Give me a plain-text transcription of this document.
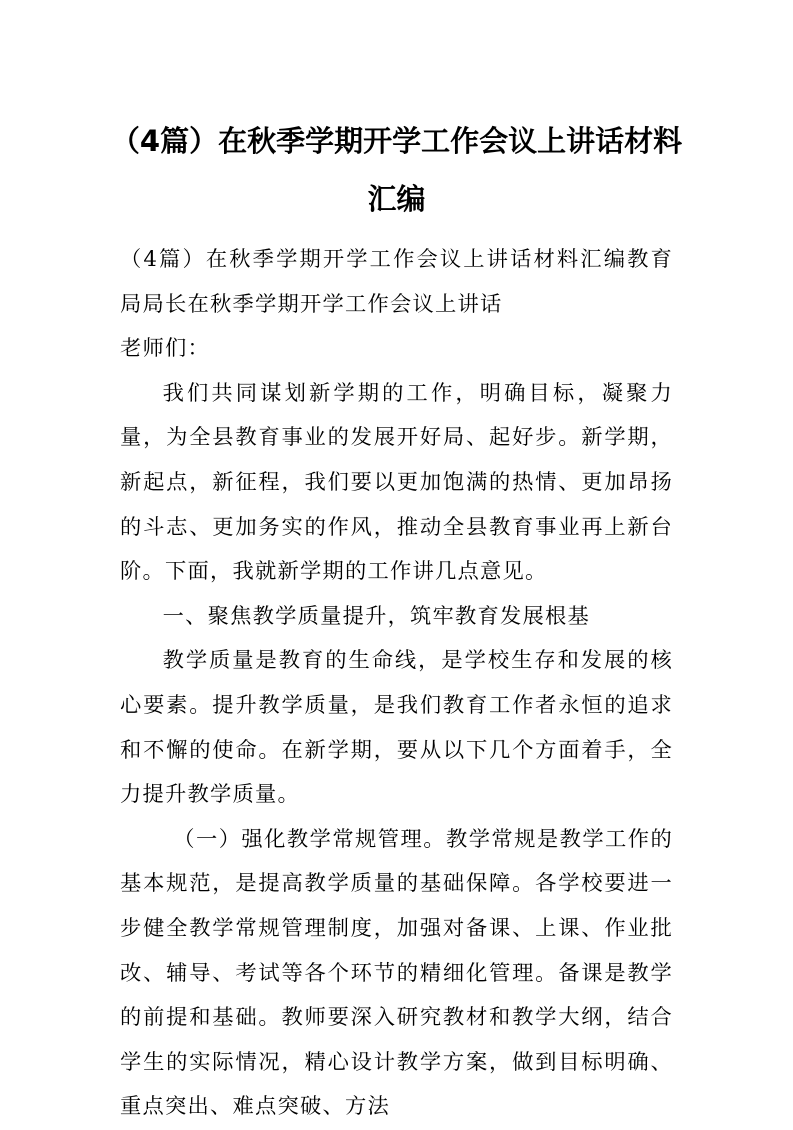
（4篇）在秋季学期开学工作会议上讲话材料汇编

（4篇）在秋季学期开学工作会议上讲话材料汇编教育局局长在秋季学期开学工作会议上讲话

老师们：

我们共同谋划新学期的工作，明确目标，凝聚力量，为全县教育事业的发展开好局、起好步。新学期，新起点，新征程，我们要以更加饱满的热情、更加昂扬的斗志、更加务实的作风，推动全县教育事业再上新台阶。下面，我就新学期的工作讲几点意见。

一、聚焦教学质量提升，筑牢教育发展根基

教学质量是教育的生命线，是学校生存和发展的核心要素。提升教学质量，是我们教育工作者永恒的追求和不懈的使命。在新学期，要从以下几个方面着手，全力提升教学质量。

（一）强化教学常规管理。教学常规是教学工作的基本规范，是提高教学质量的基础保障。各学校要进一步健全教学常规管理制度，加强对备课、上课、作业批改、辅导、考试等各个环节的精细化管理。备课是教学的前提和基础。教师要深入研究教材和教学大纲，结合学生的实际情况，精心设计教学方案，做到目标明确、重点突出、难点突破、方法
